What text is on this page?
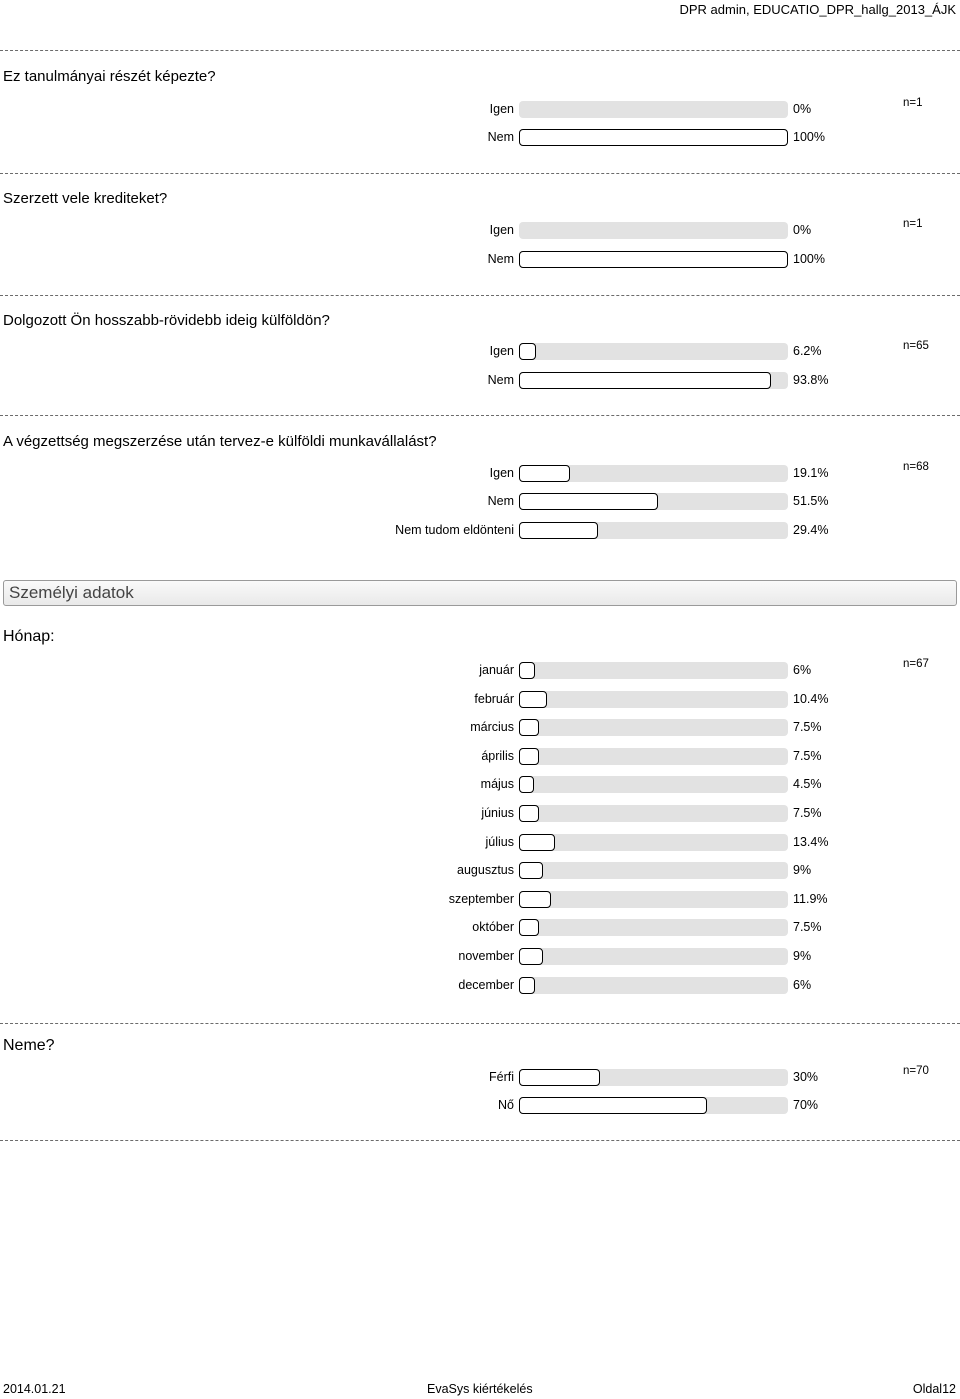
DPR admin, EDUCATIO_DPR_hallg_2013_ÁJK
Ez tanulmányai részét képezte?
n=1
Igen	0%
Nem	100%
Szerzett vele krediteket?
n=1
Igen	0%
Nem	100%
Dolgozott Ön hosszabb-rövidebb ideig külföldön?
n=65
Igen	6.2%
Nem	93.8%
A végzettség megszerzése után tervez-e külföldi munkavállalást?
n=68
Igen	19.1%
Nem	51.5%
Nem tudom eldönteni	29.4%
Személyi adatok
Hónap:
n=67
január	6%
február	10.4%
március	7.5%
április	7.5%
május	4.5%
június	7.5%
július	13.4%
augusztus	9%
szeptember	11.9%
október	7.5%
november	9%
december	6%
Neme?
n=70
Férfi	30%
Nő	70%
2014.01.21	EvaSys kiértékelés	Oldal12
